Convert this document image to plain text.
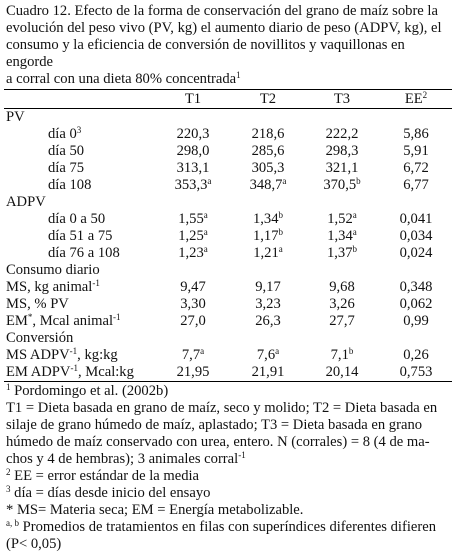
Cuadro 12. Efecto de la forma de conservación del grano de maíz sobre la
evolución del peso vivo (PV, kg) el aumento diario de peso (ADPV, kg), el
consumo y la eficiencia de conversión de novillitos y vaquillonas en engorde
a corral con una dieta 80% concentrada$^1$
	T1	T2	T3	$EE^2$
PV				
día $0^3$	220,3	218,6	222,2	5,86
día 50	298,0	285,6	298,3	5,91
día 75	313,1	305,3	321,1	6,72
día 108	353,3$^a$	348,7$^a$	370,5$^b$	6,77
ADPV				
día 0 a 50	1,55$^a$	1,34$^b$	1,52$^a$	0,041
día 51 a 75	1,25$^a$	1,17$^b$	1,34$^a$	0,034
día 76 a 108	1,23$^a$	1,21$^a$	1,37$^b$	0,024
Consumo diario				
MS, kg animal$^{-1}$	9,47	9,17	9,68	0,348
MS, % PV	3,30	3,23	3,26	0,062
EM*, Mcal animal$^{-1}$	27,0	26,3	27,7	0,99
Conversión				
MS $ADPV^{-1}$, kg:kg	7,7$^a$	7,6$^a$	7,1$^b$	0,26
EM $ADPV^{-1}$, Mcal:kg	21,95	21,91	20,14	0,753
$^1$ Pordomingo et al. (2002b)
T1 = Dieta basada en grano de maíz, seco y molido; T2 = Dieta basada en
silaje de grano húmedo de maíz, aplastado; T3 = Dieta basada en grano
húmedo de maíz conservado con urea, entero. N (corrales) = 8 (4 de ma-
chos y 4 de hembras); 3 animales corral$^{-1}$
$^2$ EE = error estándar de la media
$^3$ día = días desde inicio del ensayo
* MS= Materia seca; EM = Energía metabolizable.
$^{a, b}$ Promedios de tratamientos en filas con superíndices diferentes difieren
(P< 0,05)
